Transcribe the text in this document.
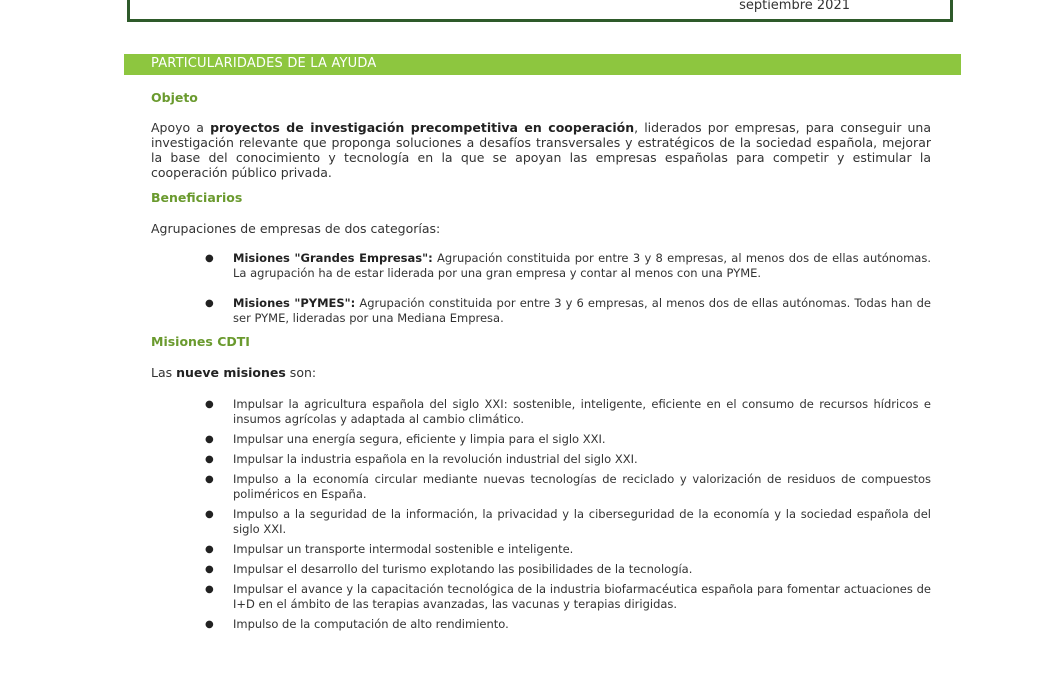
septiembre 2021
PARTICULARIDADES DE LA AYUDA
Objeto
Apoyo a proyectos de investigación precompetitiva en cooperación, liderados por empresas, para conseguir una investigación relevante que proponga soluciones a desafíos transversales y estratégicos de la sociedad española, mejorar la base del conocimiento y tecnología en la que se apoyan las empresas españolas para competir y estimular la cooperación público privada.
Beneficiarios
Agrupaciones de empresas de dos categorías:
● Misiones "Grandes Empresas": Agrupación constituida por entre 3 y 8 empresas, al menos dos de ellas autónomas. La agrupación ha de estar liderada por una gran empresa y contar al menos con una PYME.
● Misiones "PYMES": Agrupación constituida por entre 3 y 6 empresas, al menos dos de ellas autónomas. Todas han de ser PYME, lideradas por una Mediana Empresa.
Misiones CDTI
Las nueve misiones son:
● Impulsar la agricultura española del siglo XXI: sostenible, inteligente, eficiente en el consumo de recursos hídricos e insumos agrícolas y adaptada al cambio climático.
● Impulsar una energía segura, eficiente y limpia para el siglo XXI.
● Impulsar la industria española en la revolución industrial del siglo XXI.
● Impulso a la economía circular mediante nuevas tecnologías de reciclado y valorización de residuos de compuestos poliméricos en España.
● Impulso a la seguridad de la información, la privacidad y la ciberseguridad de la economía y la sociedad española del siglo XXI.
● Impulsar un transporte intermodal sostenible e inteligente.
● Impulsar el desarrollo del turismo explotando las posibilidades de la tecnología.
● Impulsar el avance y la capacitación tecnológica de la industria biofarmacéutica española para fomentar actuaciones de I+D en el ámbito de las terapias avanzadas, las vacunas y terapias dirigidas.
● Impulso de la computación de alto rendimiento.
